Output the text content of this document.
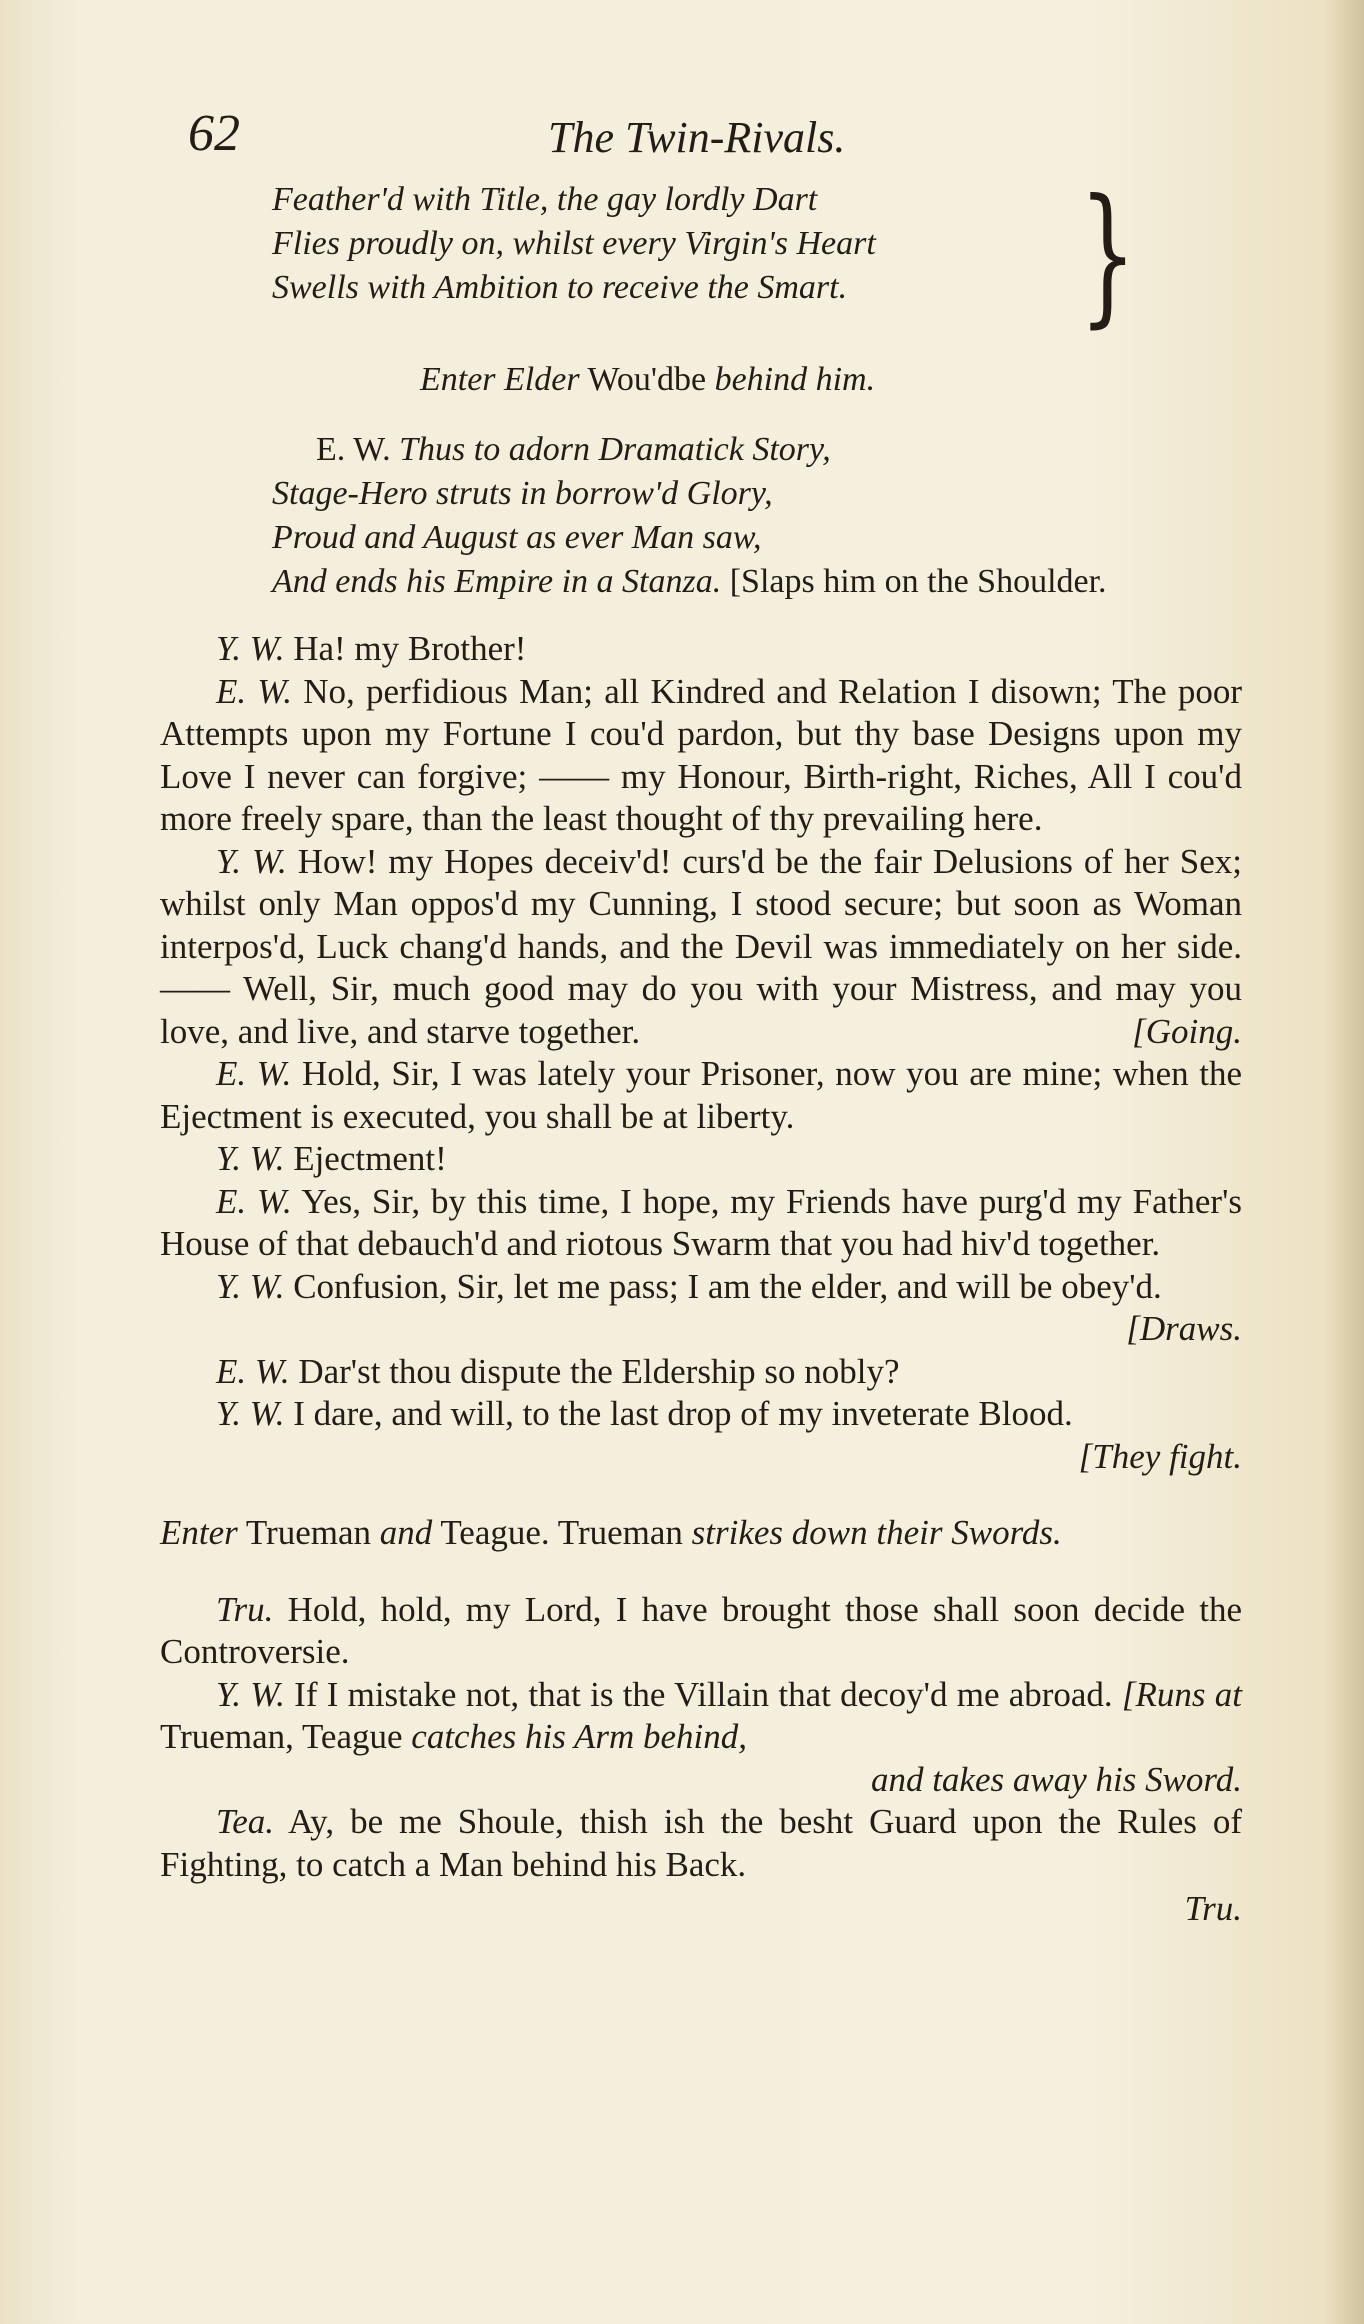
62	The Twin-Rivals.
Feather'd with Title, the gay lordly Dart
Flies proudly on, whilst every Virgin's Heart
Swells with Ambition to receive the Smart. }
Enter Elder Wou'dbe behind him.
E. W. Thus to adorn Dramatick Story,
Stage-Hero struts in borrow'd Glory,
Proud and August as ever Man saw,
And ends his Empire in a Stanza. [Slaps him on the Shoulder.
Y. W. Ha! my Brother!
E. W. No, perfidious Man; all Kindred and Relation I disown; The poor Attempts upon my Fortune I cou'd pardon, but thy base Designs upon my Love I never can forgive; —— my Honour, Birth-right, Riches, All I cou'd more freely spare, than the least thought of thy prevailing here.
Y. W. How! my Hopes deceiv'd! curs'd be the fair Delusions of her Sex; whilst only Man oppos'd my Cunning, I stood secure; but soon as Woman interpos'd, Luck chang'd hands, and the Devil was immediately on her side. —— Well, Sir, much good may do you with your Mistress, and may you love, and live, and starve together.	[Going.
E. W. Hold, Sir, I was lately your Prisoner, now you are mine; when the Ejectment is executed, you shall be at liberty.
Y. W. Ejectment!
E. W. Yes, Sir, by this time, I hope, my Friends have purg'd my Father's House of that debauch'd and riotous Swarm that you had hiv'd together.
Y. W. Confusion, Sir, let me pass; I am the elder, and will be obey'd.
[Draws.
E. W. Dar'st thou dispute the Eldership so nobly?
Y. W. I dare, and will, to the last drop of my inveterate Blood.
[They fight.
Enter Trueman and Teague. Trueman strikes down their Swords.
Tru. Hold, hold, my Lord, I have brought those shall soon decide the Controversie.
Y. W. If I mistake not, that is the Villain that decoy'd me abroad. [Runs at Trueman, Teague catches his Arm behind,
and takes away his Sword.
Tea. Ay, be me Shoule, thish ish the besht Guard upon the Rules of Fighting, to catch a Man behind his Back.
Tru.
